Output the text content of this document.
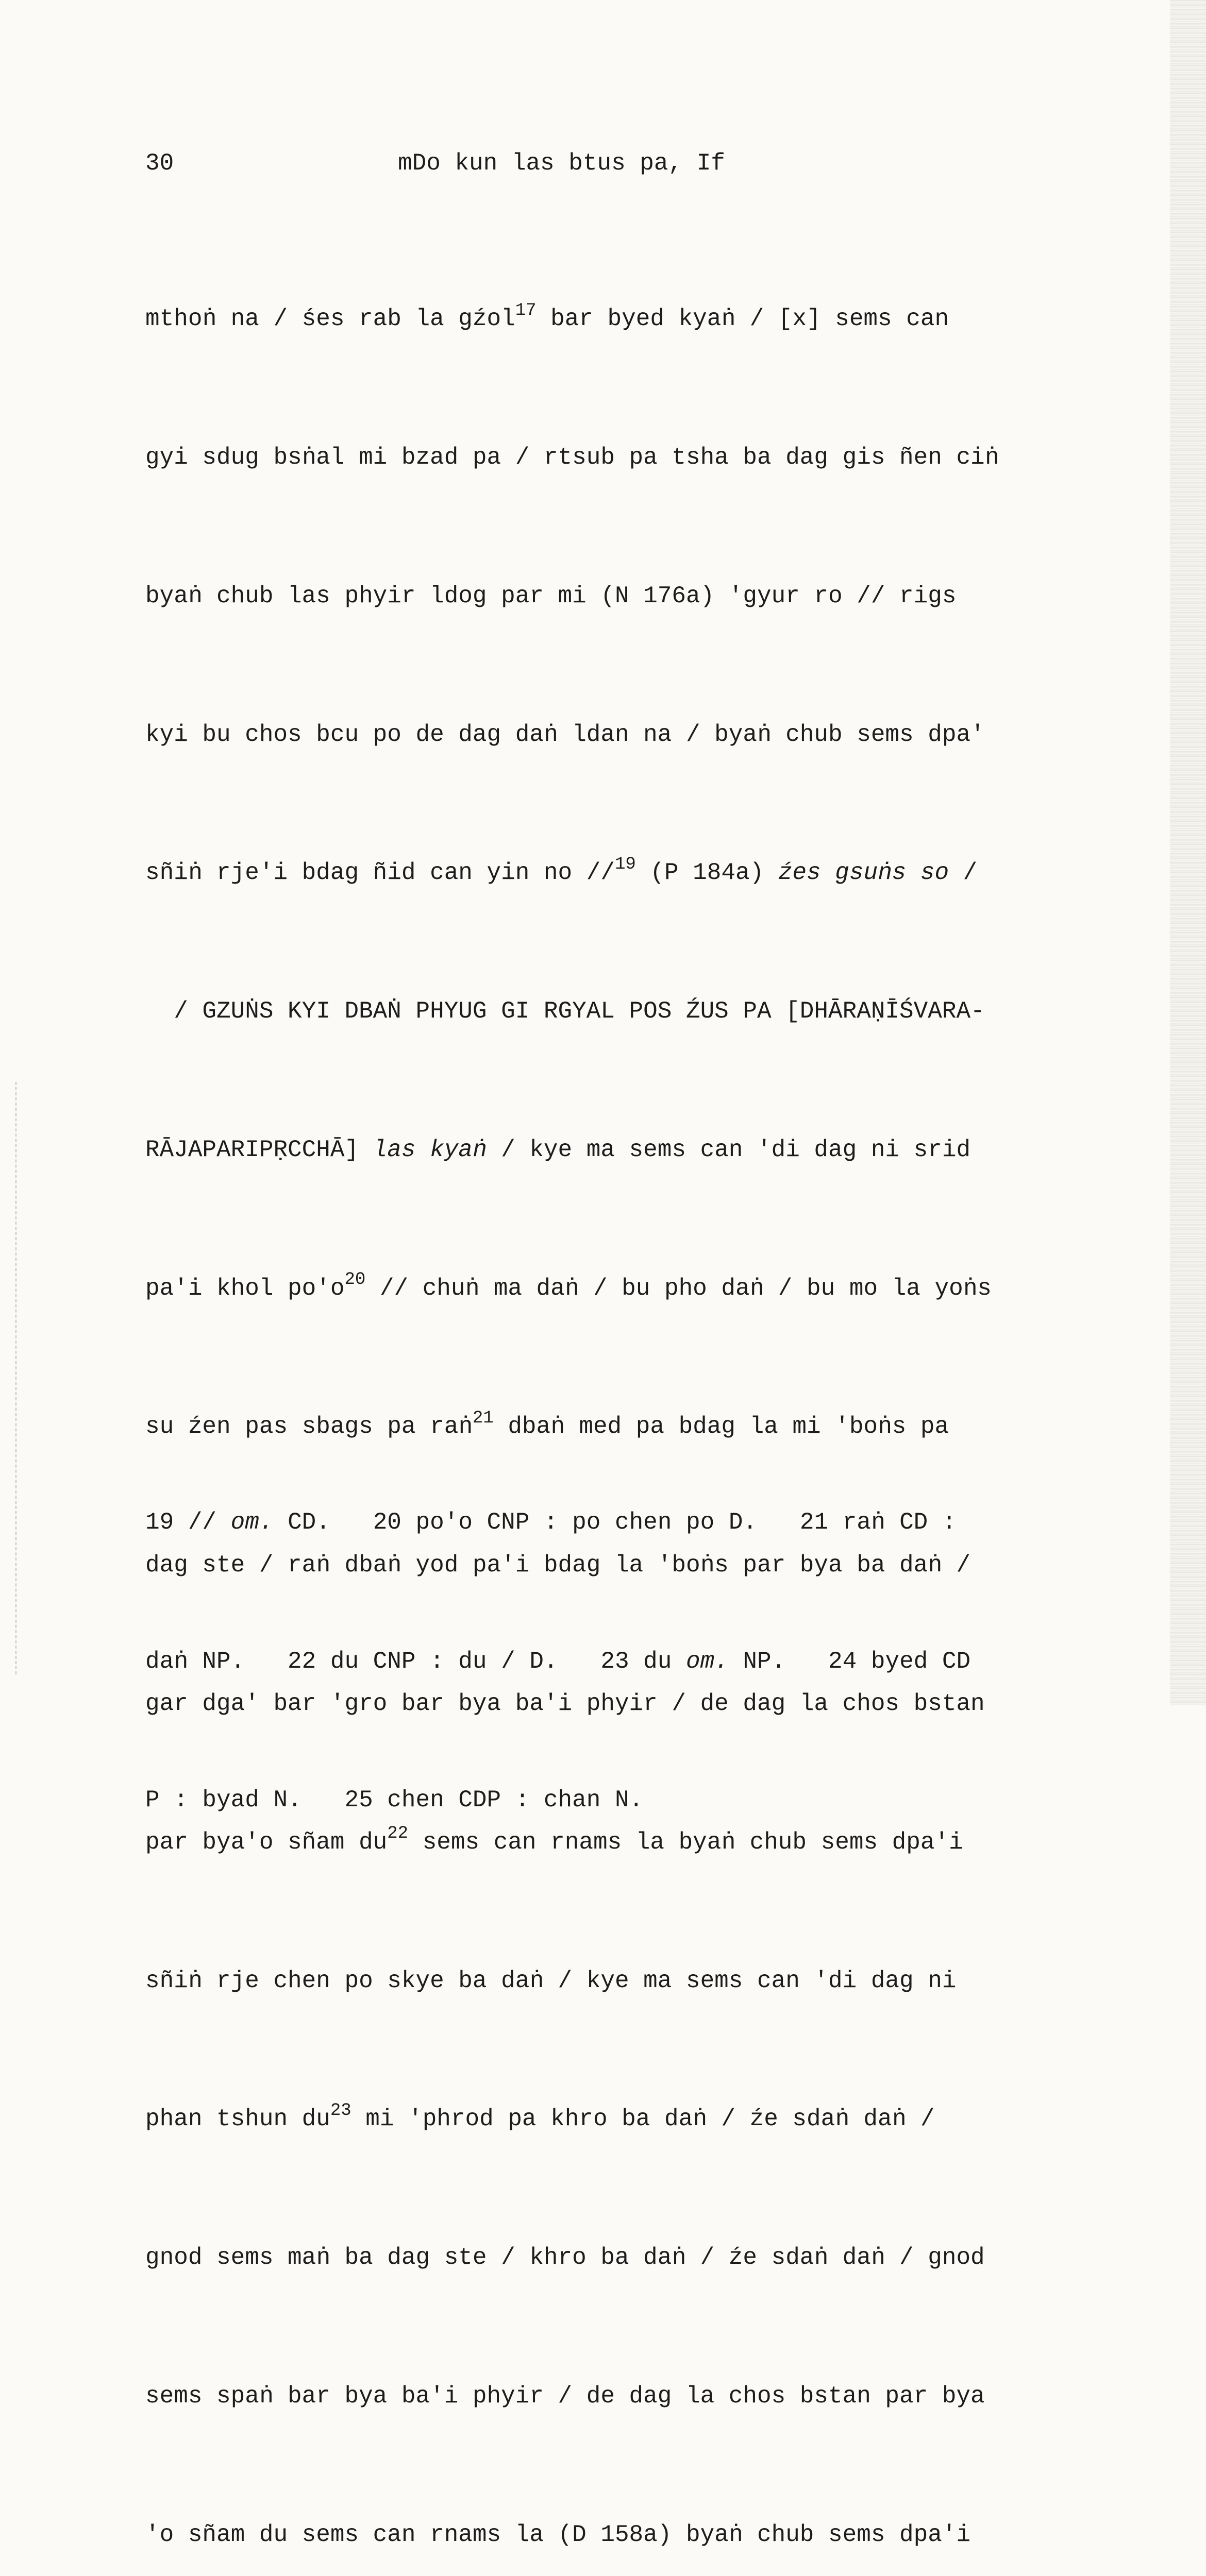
30	mDo kun las btus pa, If

mthoṅ na / śes rab la gźol$^{17}$ bar byed kyaṅ / [x] sems can

gyi sdug bsṅal mi bzad pa / rtsub pa tsha ba dag gis ñen ciṅ

byaṅ chub las phyir ldog par mi (N 176a) 'gyur ro // rigs

kyi bu chos bcu po de dag daṅ ldan na / byaṅ chub sems dpa'

sñiṅ rje'i bdag ñid can yin no //$^{19}$ (P 184a) źes gsuṅs so /

/ GZUṄS KYI DBAṄ PHYUG GI RGYAL POS ŹUS PA [DHĀRAṆĪŚVARA-

RĀJAPARIPṚCCHĀ] las kyaṅ / kye ma sems can 'di dag ni srid

pa'i khol $po'o^{20}$ // chuṅ ma daṅ / bu pho daṅ / bu mo la yoṅs

su źen pas sbags pa raṅ$^{21}$ dbaṅ med pa bdag la mi 'boṅs pa

dag ste / raṅ dbaṅ yod pa'i bdag la 'boṅs par bya ba daṅ /

gar dga' bar 'gro bar bya ba'i phyir / de dag la chos bstan

par bya'o sñam $du^{22}$ sems can rnams la byaṅ chub sems dpa'i

sñiṅ rje chen po skye ba daṅ / kye ma sems can 'di dag ni

phan tshun $du^{23}$ mi 'phrod pa khro ba daṅ / źe sdaṅ daṅ /

gnod sems maṅ ba dag ste / khro ba daṅ / źe sdaṅ daṅ / gnod

sems spaṅ bar bya ba'i phyir / de dag la chos bstan par bya

'o sñam du sems can rnams la (D 158a) byaṅ chub sems dpa'i

19 // om. CD.   20 po'o CNP : po chen po D.   21 raṅ CD :

daṅ NP.   22 du CNP : du / D.   23 du om. NP.   24 byed CD

P : byad N.   25 chen CDP : chan N.
